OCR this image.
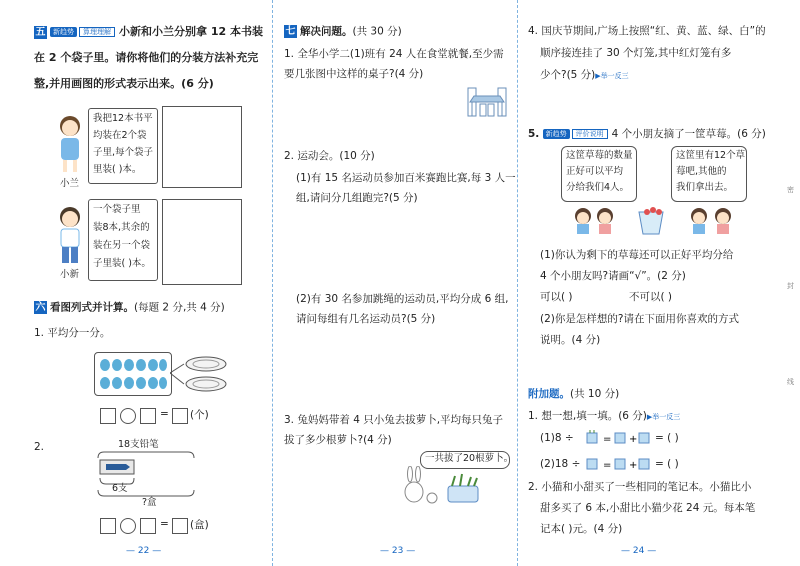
五 新趋势 算理理解 小新和小兰分别拿 12 本书装
在 2 个袋子里。请你将他们的分装方法补充完
整,并用画图的形式表示出来。(6 分)
小兰
我把12本书平
均装在2个袋
子里,每个袋子
里装( )本。
小新
一个袋子里
装8本,其余的
装在另一个袋
子里装( )本。
六 看图列式并计算。(每题 2 分,共 4 分)
1. 平均分一分。
= (个)
2.	18支铅笔
6支
?盒
= (盒)
— 22 —
七 解决问题。(共 30 分)
1. 全华小学二(1)班有 24 人在食堂就餐,至少需
要几张图中这样的桌子?(4 分)
2. 运动会。(10 分)
(1)有 15 名运动员参加百米赛跑比赛,每 3 人一
组,请问分几组跑完?(5 分)
(2)有 30 名参加跳绳的运动员,平均分成 6 组,
请问每组有几名运动员?(5 分)
3. 兔妈妈带着 4 只小兔去拔萝卜,平均每只兔子
拔了多少根萝卜?(4 分)
一共拔了20根萝卜。
— 23 —
4. 国庆节期间,广场上按照“红、黄、蓝、绿、白”的
顺序接连挂了 30 个灯笼,其中红灯笼有多
少个?(5 分)▶举一反三
5. 新趋势 评价说明 4 个小朋友摘了一筐草莓。(6 分)
这筐草莓的数量
正好可以平均
分给我们4人。
这筐里有12个草
莓吧,其他的
我们拿出去。
(1)你认为剩下的草莓还可以正好平均分给
4 个小朋友吗?请画“√”。(2 分)
可以( )	不可以( )
(2)你是怎样想的?请在下面用你喜欢的方式
说明。(4 分)
附加题。(共 10 分)
1. 想一想,填一填。(6 分)▶举一反三
(1)8 ÷	= + = ( )
(2)18 ÷ = + = ( )
2. 小猫和小甜买了一些相同的笔记本。小猫比小
甜多买了 6 本,小甜比小猫少花 24 元。每本笔
记本( )元。(4 分)
密
封
线
— 24 —
